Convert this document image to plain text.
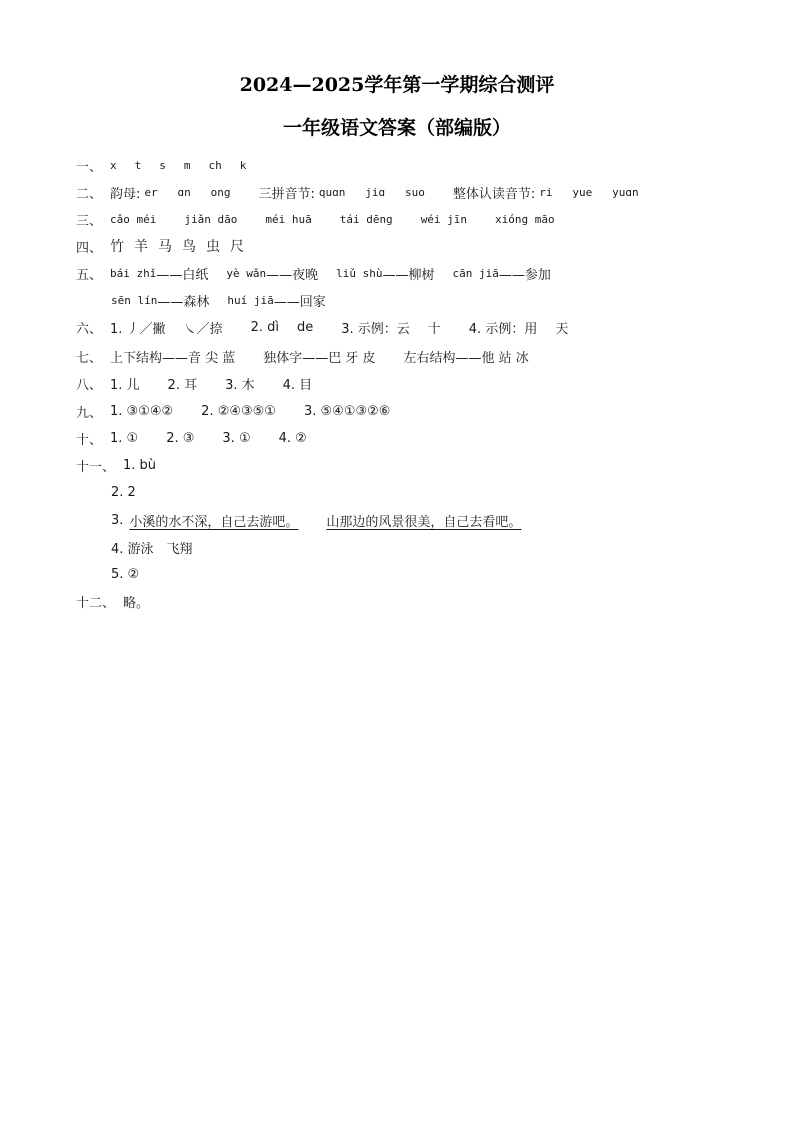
2024—2025学年第一学期综合测评
一年级语文答案（部编版）
一、 x t s m ch k
二、 韵母: er   ɑn   ong 三拼音节: quɑn   jiɑ   suo 整体认读音节: ri   yue   yuɑn
三、 cǎo méi	jiǎn dāo	méi huā	tái dēng	wéi jīn	xióng māo
四、 竹 羊 马 鸟 虫 尺
五、 bái zhǐ ——白纸 yè wǎn ——夜晚 liǔ shù ——柳树 cān jiā ——参加
sēn lín ——森林 huí jiā ——回家
六、 1. 丿／撇 ㇏／捺 2. dì de 3. 示例：云 十 4. 示例：用 天
七、 上下结构——音 尖 蓝 独体字——巴 牙 皮 左右结构——他 站 冰
八、 1. 儿 2. 耳 3. 木 4. 目
九、 1. ③①④② 2. ②④③⑤① 3. ⑤④①③②⑥
十、 1. ① 2. ③ 3. ① 4. ②
十一、 1. bù
2. 2
3. 小溪的水不深，自己去游吧。 山那边的风景很美，自己去看吧。
4. 游泳　飞翔
5. ②
十二、 略。
